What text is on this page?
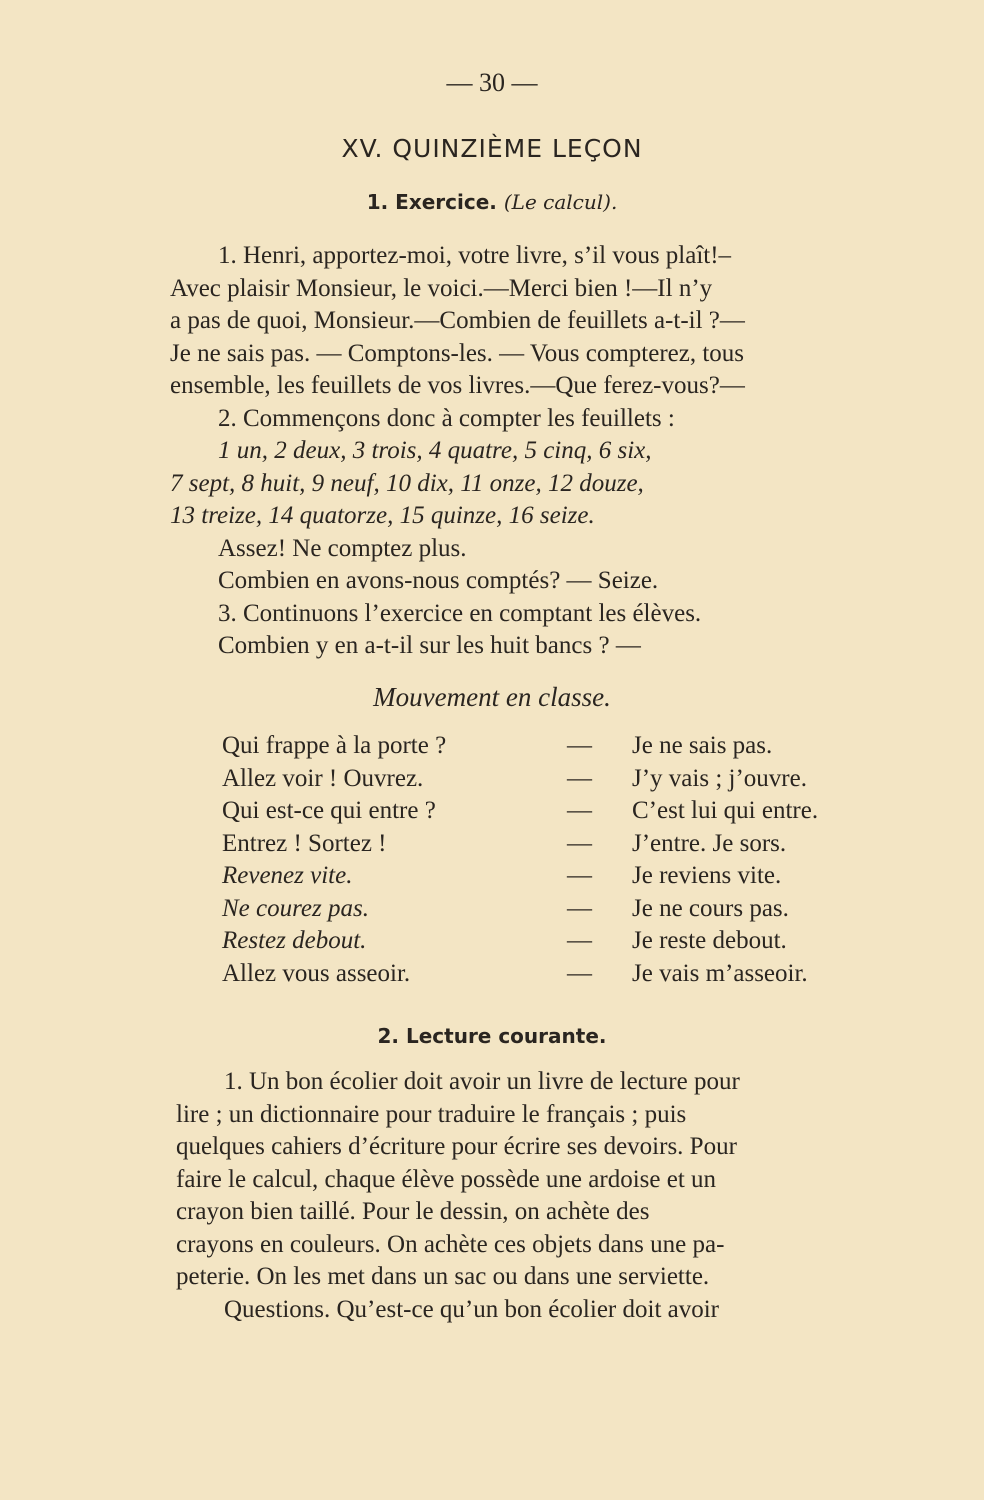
— 30 —
XV. QUINZIÈME LEÇON
1. Exercice. (Le calcul).
1. Henri, apportez-moi, votre livre, s’il vous plaît!–
Avec plaisir Monsieur, le voici.—Merci bien !—Il n’y
a pas de quoi, Monsieur.—Combien de feuillets a-t-il ?—
Je ne sais pas. — Comptons-les. — Vous compterez, tous
ensemble, les feuillets de vos livres.—Que ferez-vous?—
2. Commençons donc à compter les feuillets :
1 un, 2 deux, 3 trois, 4 quatre, 5 cinq, 6 six,
7 sept, 8 huit, 9 neuf, 10 dix, 11 onze, 12 douze,
13 treize, 14 quatorze, 15 quinze, 16 seize.
Assez! Ne comptez plus.
Combien en avons-nous comptés? — Seize.
3. Continuons l’exercice en comptant les élèves.
Combien y en a-t-il sur les huit bancs ? —
Mouvement en classe.
Qui frappe à la porte ?	— Je ne sais pas.
Allez voir ! Ouvrez.	— J’y vais ; j’ouvre.
Qui est-ce qui entre ?	— C’est lui qui entre.
Entrez ! Sortez !	— J’entre. Je sors.
Revenez vite.	— Je reviens vite.
Ne courez pas.	— Je ne cours pas.
Restez debout.	— Je reste debout.
Allez vous asseoir.	— Je vais m’asseoir.
2. Lecture courante.
1. Un bon écolier doit avoir un livre de lecture pour
lire ; un dictionnaire pour traduire le français ; puis
quelques cahiers d’écriture pour écrire ses devoirs. Pour
faire le calcul, chaque élève possède une ardoise et un
crayon bien taillé. Pour le dessin, on achète des
crayons en couleurs. On achète ces objets dans une pa-
peterie. On les met dans un sac ou dans une serviette.
Questions. Qu’est-ce qu’un bon écolier doit avoir
